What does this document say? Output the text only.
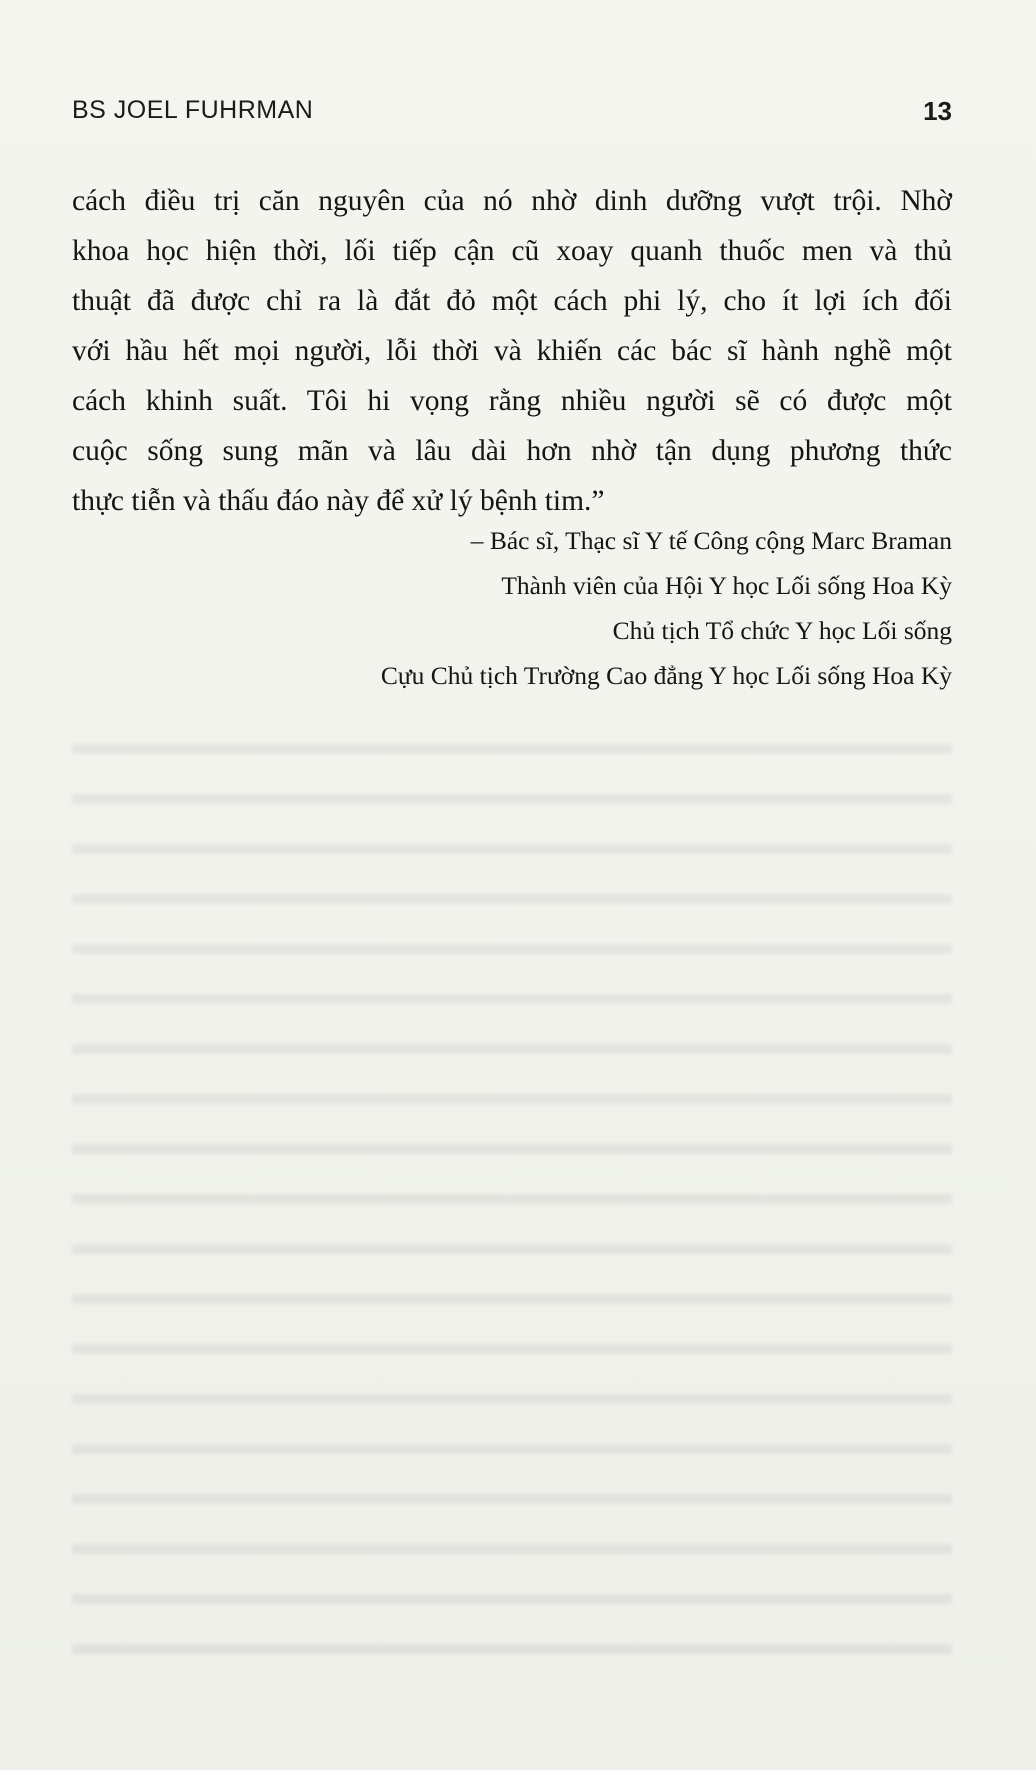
BS JOEL FUHRMAN	13
cách điều trị căn nguyên của nó nhờ dinh dưỡng vượt trội. Nhờ
khoa học hiện thời, lối tiếp cận cũ xoay quanh thuốc men và thủ
thuật đã được chỉ ra là đắt đỏ một cách phi lý, cho ít lợi ích đối
với hầu hết mọi người, lỗi thời và khiến các bác sĩ hành nghề một
cách khinh suất. Tôi hi vọng rằng nhiều người sẽ có được một
cuộc sống sung mãn và lâu dài hơn nhờ tận dụng phương thức
thực tiễn và thấu đáo này để xử lý bệnh tim.”
– Bác sĩ, Thạc sĩ Y tế Công cộng Marc Braman
Thành viên của Hội Y học Lối sống Hoa Kỳ
Chủ tịch Tổ chức Y học Lối sống
Cựu Chủ tịch Trường Cao đẳng Y học Lối sống Hoa Kỳ
